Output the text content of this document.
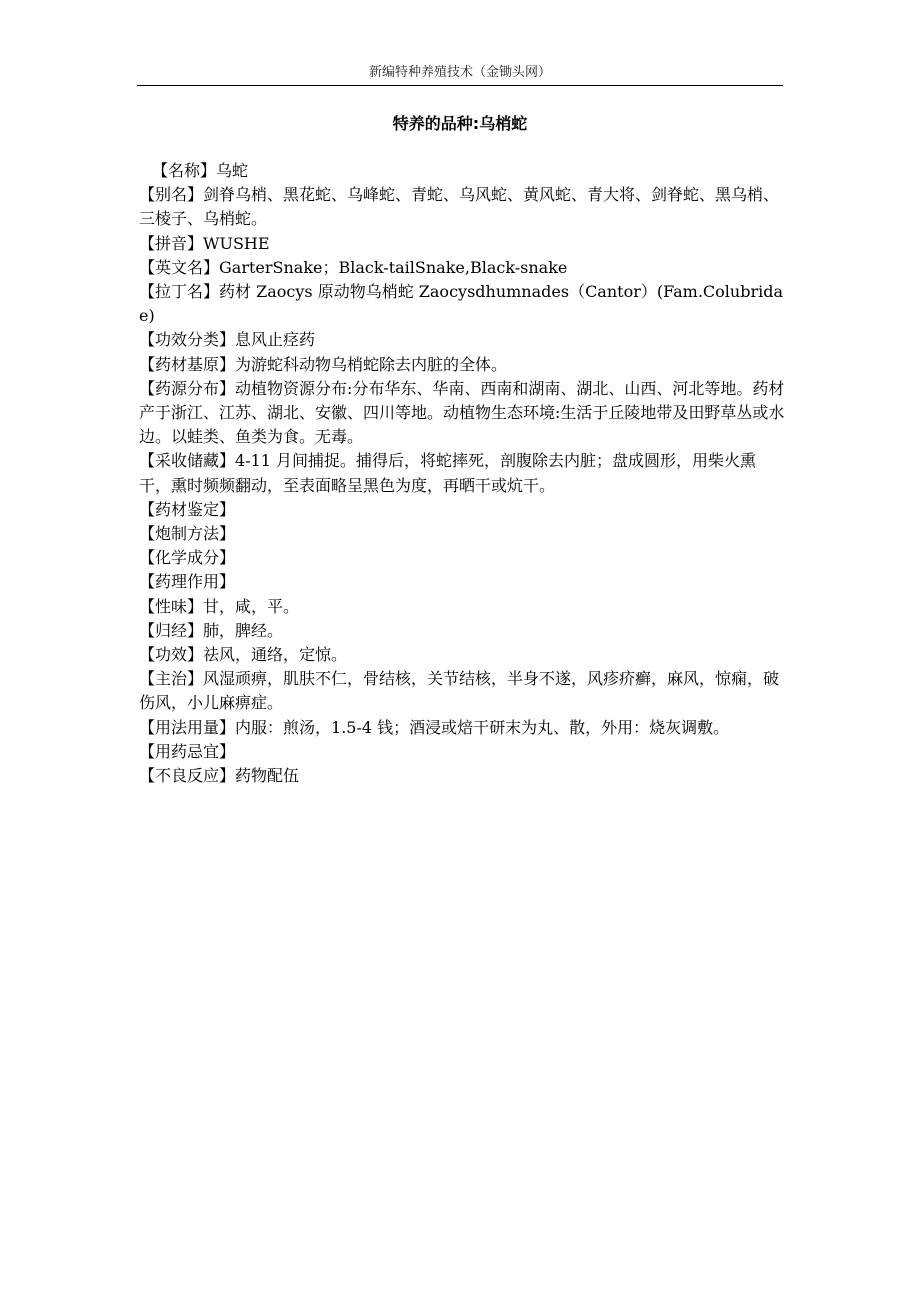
新编特种养殖技术（金锄头网）
特养的品种:乌梢蛇

【名称】乌蛇

【别名】剑脊乌梢、黑花蛇、乌峰蛇、青蛇、乌风蛇、黄风蛇、青大将、剑脊蛇、黑乌梢、三棱子、乌梢蛇。

【拼音】WUSHE

【英文名】GarterSnake；Black-tailSnake,Black-snake

【拉丁名】药材 Zaocys 原动物乌梢蛇 Zaocysdhumnades（Cantor）(Fam.Colubridae)

【功效分类】息风止痉药

【药材基原】为游蛇科动物乌梢蛇除去内脏的全体。

【药源分布】动植物资源分布:分布华东、华南、西南和湖南、湖北、山西、河北等地。药材产于浙江、江苏、湖北、安徽、四川等地。动植物生态环境:生活于丘陵地带及田野草丛或水边。以蛙类、鱼类为食。无毒。

【采收储藏】4-11 月间捕捉。捕得后，将蛇摔死，剖腹除去内脏；盘成圆形，用柴火熏干，熏时频频翻动，至表面略呈黑色为度，再晒干或炕干。

【药材鉴定】

【炮制方法】

【化学成分】

【药理作用】

【性味】甘，咸，平。

【归经】肺，脾经。

【功效】祛风，通络，定惊。

【主治】风湿顽痹，肌肤不仁，骨结核，关节结核，半身不遂，风疹疥癣，麻风，惊痫，破伤风，小儿麻痹症。

【用法用量】内服：煎汤，1.5-4 钱；酒浸或焙干研末为丸、散，外用：烧灰调敷。

【用药忌宜】

【不良反应】药物配伍
